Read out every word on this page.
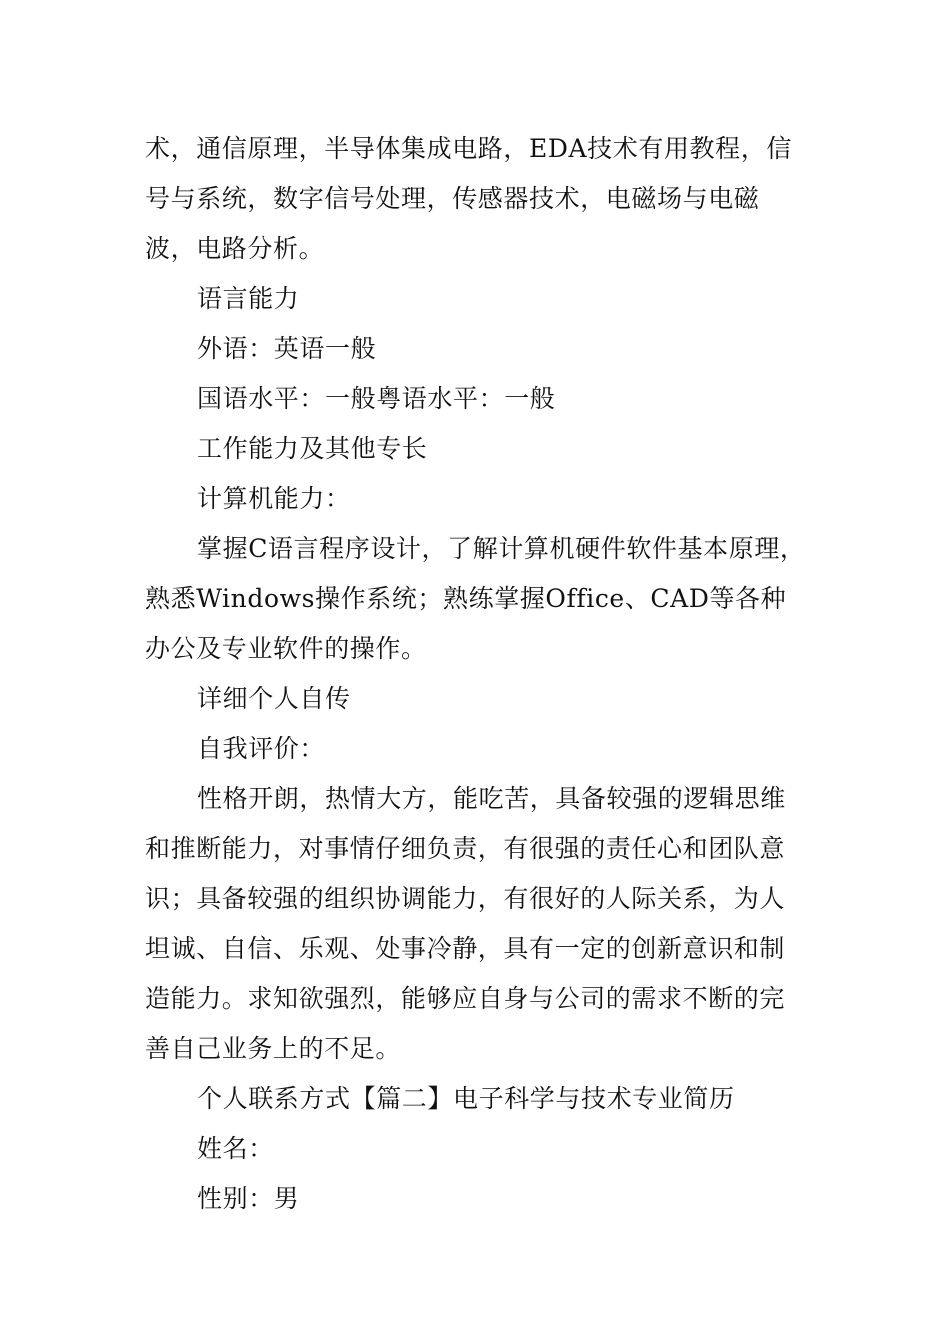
术，通信原理，半导体集成电路，EDA技术有用教程，信号与系统，数字信号处理，传感器技术，电磁场与电磁波，电路分析。

语言能力

外语：英语一般

国语水平：一般粤语水平：一般

工作能力及其他专长

计算机能力：

掌握C语言程序设计，了解计算机硬件软件基本原理，熟悉Windows操作系统；熟练掌握Office、CAD等各种办公及专业软件的操作。

详细个人自传

自我评价：

性格开朗，热情大方，能吃苦，具备较强的逻辑思维和推断能力，对事情仔细负责，有很强的责任心和团队意识；具备较强的组织协调能力，有很好的人际关系，为人坦诚、自信、乐观、处事冷静，具有一定的创新意识和制造能力。求知欲强烈，能够应自身与公司的需求不断的完善自己业务上的不足。

个人联系方式【篇二】电子科学与技术专业简历

姓名：

性别：男
